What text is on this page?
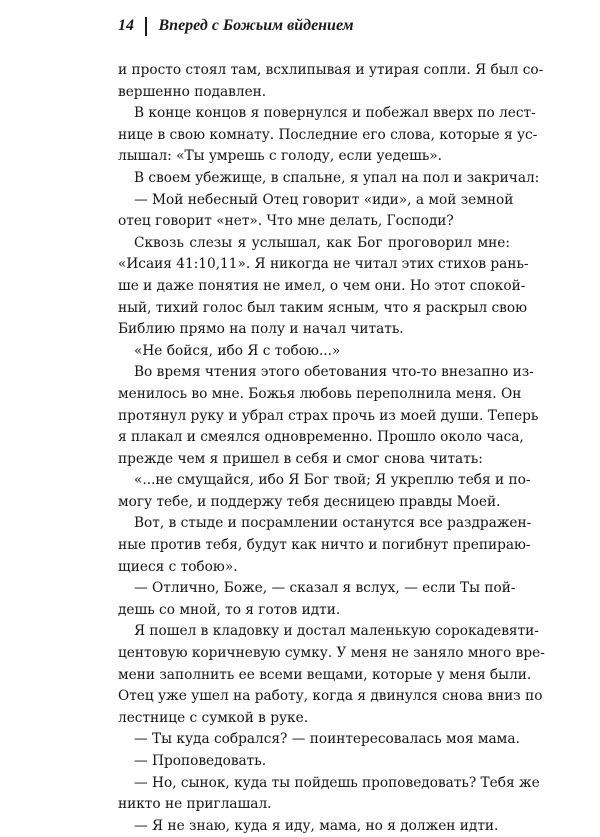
14 Вперед с Божьим вйдением
и просто стоял там, всхлипывая и утирая сопли. Я был со-
вершенно подавлен.
В конце концов я повернулся и побежал вверх по лест-
нице в свою комнату. Последние его слова, которые я ус-
лышал: «Ты умрешь с голоду, если уедешь».
В своем убежище, в спальне, я упал на пол и закричал:
— Мой небесный Отец говорит «иди», а мой земной
отец говорит «нет». Что мне делать, Господи?
Сквозь слезы я услышал, как Бог проговорил мне:
«Исаия 41:10,11». Я никогда не читал этих стихов рань-
ше и даже понятия не имел, о чем они. Но этот спокой-
ный, тихий голос был таким ясным, что я раскрыл свою
Библию прямо на полу и начал читать.
«Не бойся, ибо Я с тобою...»
Во время чтения этого обетования что-то внезапно из-
менилось во мне. Божья любовь переполнила меня. Он
протянул руку и убрал страх прочь из моей души. Теперь
я плакал и смеялся одновременно. Прошло около часа,
прежде чем я пришел в себя и смог снова читать:
«...не смущайся, ибо Я Бог твой; Я укреплю тебя и по-
могу тебе, и поддержу тебя десницею правды Моей.
Вот, в стыде и посрамлении останутся все раздражен-
ные против тебя, будут как ничто и погибнут препирaю-
щиеся с тобою».
— Отлично, Боже, — сказал я вслух, — если Ты пой-
дешь со мной, то я готов идти.
Я пошел в кладовку и достал маленькую сорокадевяти-
центовую коричневую сумку. У меня не заняло много вре-
мени заполнить ее всеми вещами, которые у меня были.
Отец уже ушел на работу, когда я двинулся снова вниз по
лестнице с сумкой в руке.
— Ты куда собрался? — поинтересовалась моя мама.
— Проповедовать.
— Но, сынок, куда ты пойдешь проповедовать? Тебя же
никто не приглашал.
— Я не знаю, куда я иду, мама, но я должен идти.
